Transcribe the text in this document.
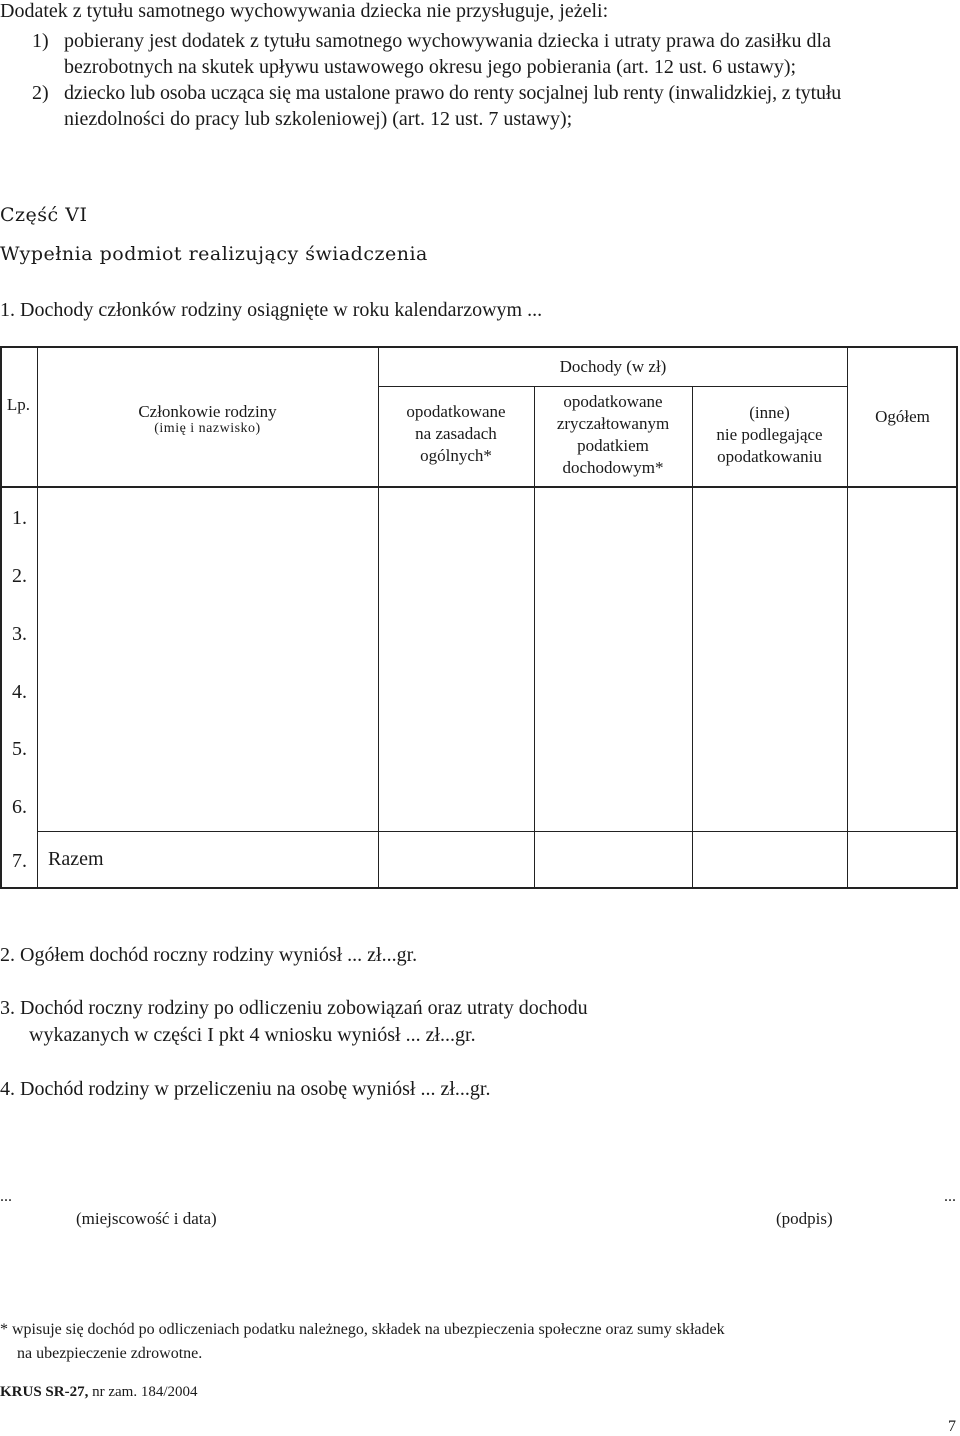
Dodatek z tytułu samotnego wychowywania dziecka nie przysługuje, jeżeli:
1) pobierany jest dodatek z tytułu samotnego wychowywania dziecka i utraty prawa do zasiłku dla
bezrobotnych na skutek upływu ustawowego okresu jego pobierania (art. 12 ust. 6 ustawy);
2) dziecko lub osoba ucząca się ma ustalone prawo do renty socjalnej lub renty (inwalidzkiej, z tytułu
niezdolności do pracy lub szkoleniowej) (art. 12 ust. 7 ustawy);
Część VI
Wypełnia podmiot realizujący świadczenia
1. Dochody członków rodziny osiągnięte w roku kalendarzowym ...
Dochody (w zł)
Lp.	Członkowie rodziny
(imię i nazwisko)
opodatkowane
na zasadach
ogólnych*
opodatkowane
zryczałtowanym
podatkiem
dochodowym*
(inne)
nie podlegające
opodatkowaniu
Ogółem
1.
2.
3.
4.
5.
6.
7. Razem
2. Ogółem dochód roczny rodziny wyniósł ... zł...gr.
3. Dochód roczny rodziny po odliczeniu zobowiązań oraz utraty dochodu
wykazanych w części I pkt 4 wniosku wyniósł ... zł...gr.
4. Dochód rodziny w przeliczeniu na osobę wyniósł ... zł...gr.
...
(miejscowość i data)
...
(podpis)
* wpisuje się dochód po odliczeniach podatku należnego, składek na ubezpieczenia społeczne oraz sumy składek
na ubezpieczenie zdrowotne.
KRUS SR-27, nr zam. 184/2004
7
